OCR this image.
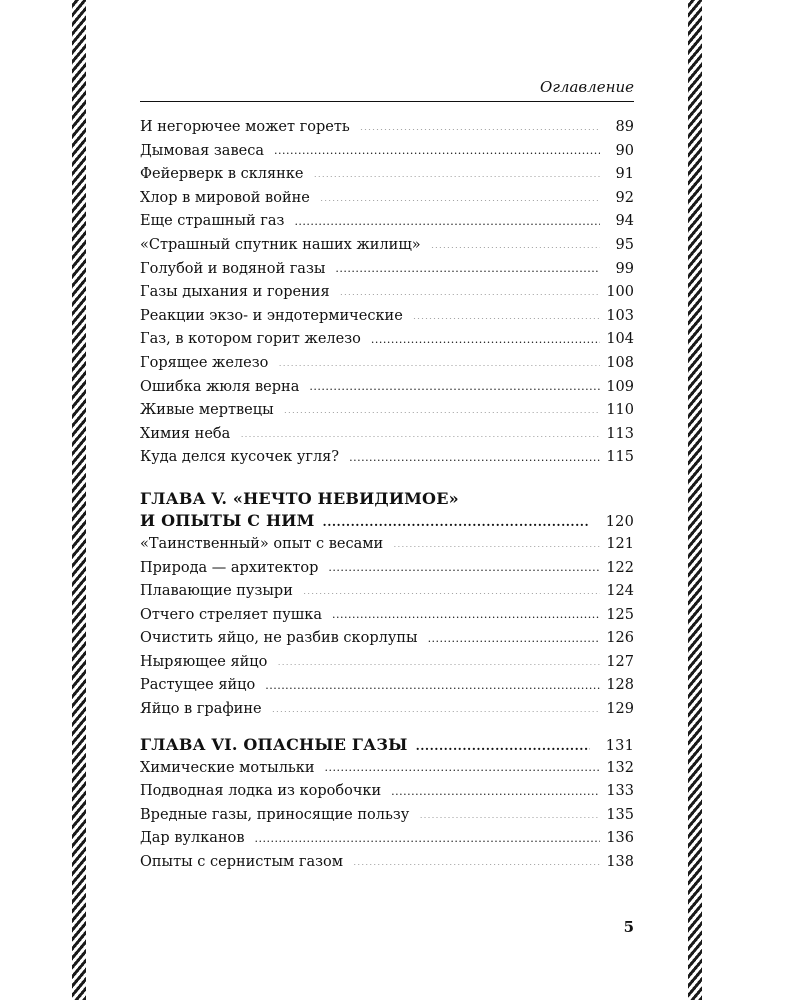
Оглавление
И негорючее может гореть .....	89
Дымовая завеса .....	90
Фейерверк в склянке .....	91
Хлор в мировой войне .....	92
Еще страшный газ .....	94
«Страшный спутник наших жилищ» .....	95
Голубой и водяной газы .....	99
Газы дыхания и горения .....	100
Реакции экзо- и эндотермические .....	103
Газ, в котором горит железо .....	104
Горящее железо .....	108
Ошибка жюля верна .....	109
Живые мертвецы .....	110
Химия неба .....	113
Куда делся кусочек угля? .....	115
ГЛАВА V. «НЕЧТО НЕВИДИМОЕ»
И ОПЫТЫ С НИМ .....	120
«Таинственный» опыт с весами .....	121
Природа — архитектор .....	122
Плавающие пузыри .....	124
Отчего стреляет пушка .....	125
Очистить яйцо, не разбив скорлупы .....	126
Ныряющее яйцо .....	127
Растущее яйцо .....	128
Яйцо в графине .....	129
ГЛАВА VI. ОПАСНЫЕ ГАЗЫ .....	131
Химические мотыльки .....	132
Подводная лодка из коробочки .....	133
Вредные газы, приносящие пользу .....	135
Дар вулканов .....	136
Опыты с сернистым газом .....	138
5
